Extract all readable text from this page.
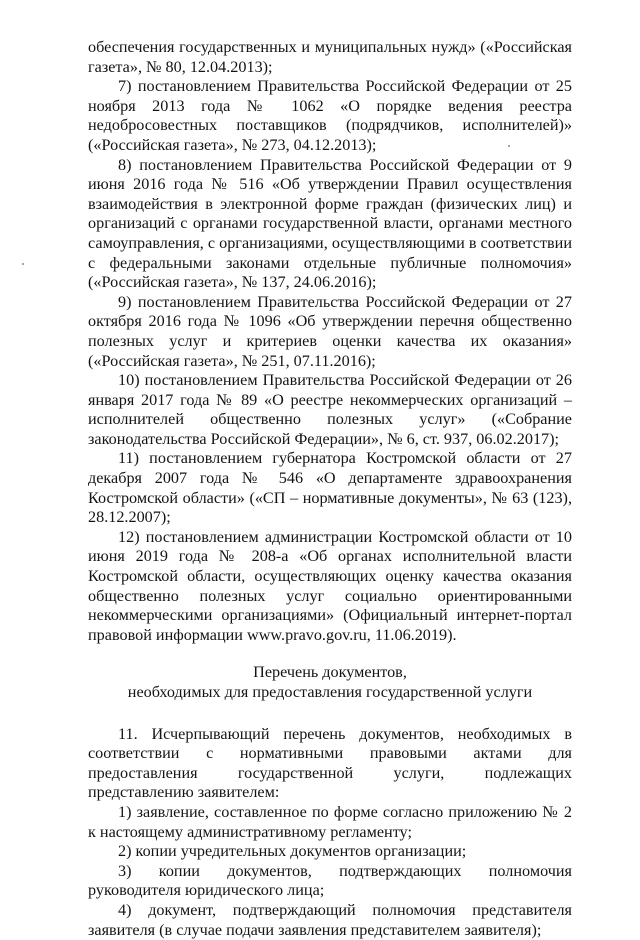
обеспечения государственных и муниципальных нужд» («Российская газета», № 80, 12.04.2013);

7) постановлением Правительства Российской Федерации от 25 ноября 2013 года № 1062 «О порядке ведения реестра недобросовестных поставщиков (подрядчиков, исполнителей)» («Российская газета», № 273, 04.12.2013);

8) постановлением Правительства Российской Федерации от 9 июня 2016 года № 516 «Об утверждении Правил осуществления взаимодействия в электронной форме граждан (физических лиц) и организаций с органами государственной власти, органами местного самоуправления, с организациями, осуществляющими в соответствии с федеральными законами отдельные публичные полномочия» («Российская газета», № 137, 24.06.2016);

9) постановлением Правительства Российской Федерации от 27 октября 2016 года № 1096 «Об утверждении перечня общественно полезных услуг и критериев оценки качества их оказания» («Российская газета», № 251, 07.11.2016);

10) постановлением Правительства Российской Федерации от 26 января 2017 года № 89 «О реестре некоммерческих организаций – исполнителей общественно полезных услуг» («Собрание законодательства Российской Федерации», № 6, ст. 937, 06.02.2017);

11) постановлением губернатора Костромской области от 27 декабря 2007 года № 546 «О департаменте здравоохранения Костромской области» («СП – нормативные документы», № 63 (123), 28.12.2007);

12) постановлением администрации Костромской области от 10 июня 2019 года № 208-а «Об органах исполнительной власти Костромской области, осуществляющих оценку качества оказания общественно полезных услуг социально ориентированными некоммерческими организациями» (Официальный интернет-портал правовой информации www.pravo.gov.ru, 11.06.2019).

Перечень документов,

необходимых для предоставления государственной услуги

11. Исчерпывающий перечень документов, необходимых в соответствии с нормативными правовыми актами для предоставления государственной услуги, подлежащих представлению заявителем:

1) заявление, составленное по форме согласно приложению № 2 к настоящему административному регламенту;

2) копии учредительных документов организации;

3) копии документов, подтверждающих полномочия руководителя юридического лица;

4) документ, подтверждающий полномочия представителя заявителя (в случае подачи заявления представителем заявителя);
